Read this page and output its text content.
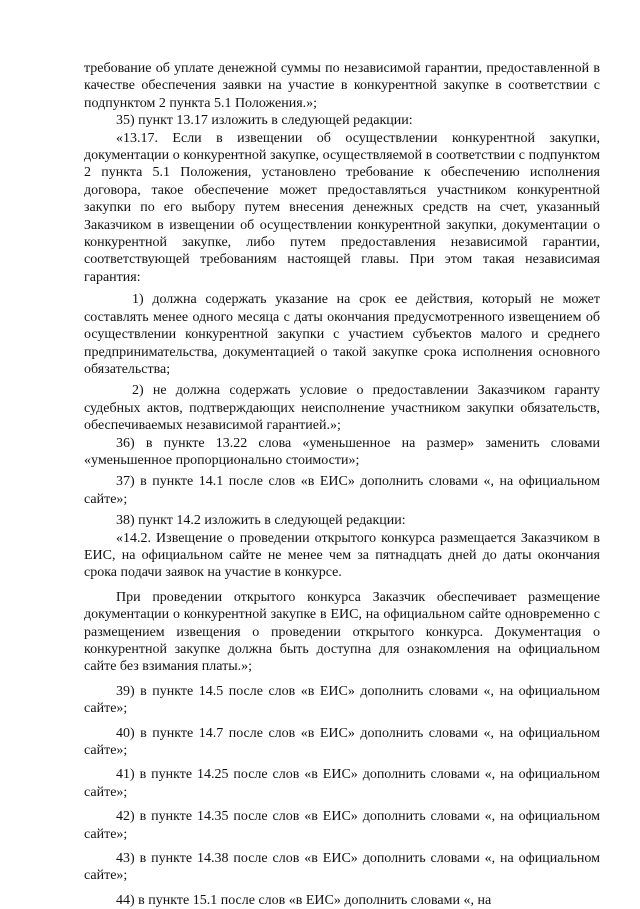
требование об уплате денежной суммы по независимой гарантии, предоставленной в качестве обеспечения заявки на участие в конкурентной закупке в соответствии с подпунктом 2 пункта 5.1 Положения.»;

35) пункт 13.17 изложить в следующей редакции:

«13.17. Если в извещении об осуществлении конкурентной закупки, документации о конкурентной закупке, осуществляемой в соответствии с подпунктом 2 пункта 5.1 Положения, установлено требование к обеспечению исполнения договора, такое обеспечение может предоставляться участником конкурентной закупки по его выбору путем внесения денежных средств на счет, указанный Заказчиком в извещении об осуществлении конкурентной закупки, документации о конкурентной закупке, либо путем предоставления независимой гарантии, соответствующей требованиям настоящей главы. При этом такая независимая гарантия:

1) должна содержать указание на срок ее действия, который не может составлять менее одного месяца с даты окончания предусмотренного извещением об осуществлении конкурентной закупки с участием субъектов малого и среднего предпринимательства, документацией о такой закупке срока исполнения основного обязательства;

2) не должна содержать условие о предоставлении Заказчиком гаранту судебных актов, подтверждающих неисполнение участником закупки обязательств, обеспечиваемых независимой гарантией.»;

36) в пункте 13.22 слова «уменьшенное на размер» заменить словами «уменьшенное пропорционально стоимости»;

37) в пункте 14.1 после слов «в ЕИС» дополнить словами «, на официальном сайте»;

38) пункт 14.2 изложить в следующей редакции:

«14.2. Извещение о проведении открытого конкурса размещается Заказчиком в ЕИС, на официальном сайте не менее чем за пятнадцать дней до даты окончания срока подачи заявок на участие в конкурсе.

При проведении открытого конкурса Заказчик обеспечивает размещение документации о конкурентной закупке в ЕИС, на официальном сайте одновременно с размещением извещения о проведении открытого конкурса. Документация о конкурентной закупке должна быть доступна для ознакомления на официальном сайте без взимания платы.»;

39) в пункте 14.5 после слов «в ЕИС» дополнить словами «, на официальном сайте»;

40) в пункте 14.7 после слов «в ЕИС» дополнить словами «, на официальном сайте»;

41) в пункте 14.25 после слов «в ЕИС» дополнить словами «, на официальном сайте»;

42) в пункте 14.35 после слов «в ЕИС» дополнить словами «, на официальном сайте»;

43) в пункте 14.38 после слов «в ЕИС» дополнить словами «, на официальном сайте»;

44) в пункте 15.1 после слов «в ЕИС» дополнить словами «, на
